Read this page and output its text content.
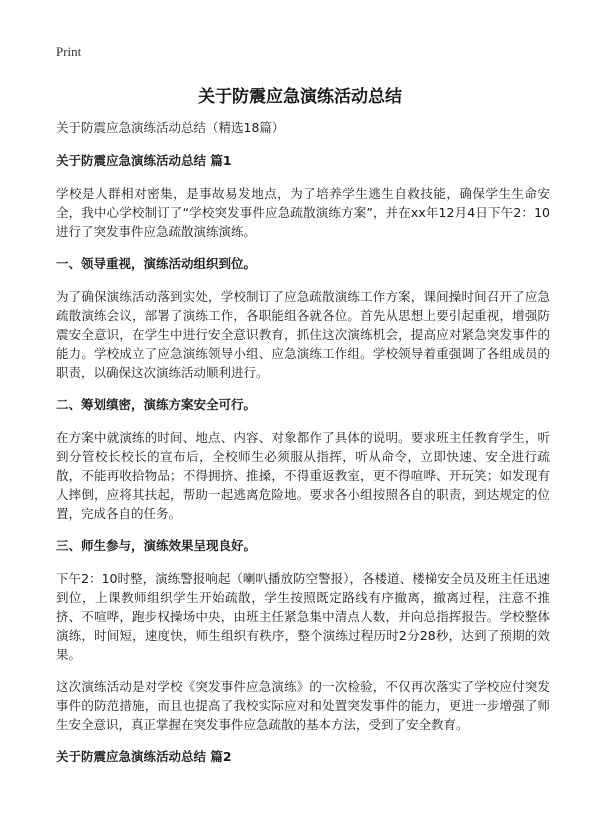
Print
关于防震应急演练活动总结

关于防震应急演练活动总结（精选18篇）

关于防震应急演练活动总结 篇1

学校是人群相对密集，是事故易发地点，为了培养学生逃生自救技能，确保学生生命安全，我中心学校制订了“学校突发事件应急疏散演练方案”，并在xx年12月4日下午2：10进行了突发事件应急疏散演练演练。

一、领导重视，演练活动组织到位。

为了确保演练活动落到实处，学校制订了应急疏散演练工作方案，课间操时间召开了应急疏散演练会议，部署了演练工作，各职能组各就各位。首先从思想上要引起重视，增强防震安全意识，在学生中进行安全意识教育，抓住这次演练机会，提高应对紧急突发事件的能力。学校成立了应急演练领导小组、应急演练工作组。学校领导着重强调了各组成员的职责，以确保这次演练活动顺利进行。

二、筹划缜密，演练方案安全可行。

在方案中就演练的时间、地点、内容、对象都作了具体的说明。要求班主任教育学生，听到分管校长校长的宣布后，全校师生必须服从指挥，听从命令，立即快速、安全进行疏散，不能再收拾物品；不得拥挤、推搡，不得重返教室，更不得喧哗、开玩笑；如发现有人摔倒，应将其扶起，帮助一起逃离危险地。要求各小组按照各自的职责，到达规定的位置，完成各自的任务。

三、师生参与，演练效果呈现良好。

下午2：10时整，演练警报响起（喇叭播放防空警报），各楼道、楼梯安全员及班主任迅速到位，上课教师组织学生开始疏散，学生按照既定路线有序撤离，撤离过程，注意不推挤、不喧哗，跑步权操场中央，由班主任紧急集中清点人数，并向总指挥报告。学校整体演练，时间短，速度快，师生组织有秩序，整个演练过程历时2分28秒，达到了预期的效果。

这次演练活动是对学校《突发事件应急演练》的一次检验，不仅再次落实了学校应付突发事件的防范措施，而且也提高了我校实际应对和处置突发事件的能力，更进一步增强了师生安全意识，真正掌握在突发事件应急疏散的基本方法，受到了安全教育。

关于防震应急演练活动总结 篇2
